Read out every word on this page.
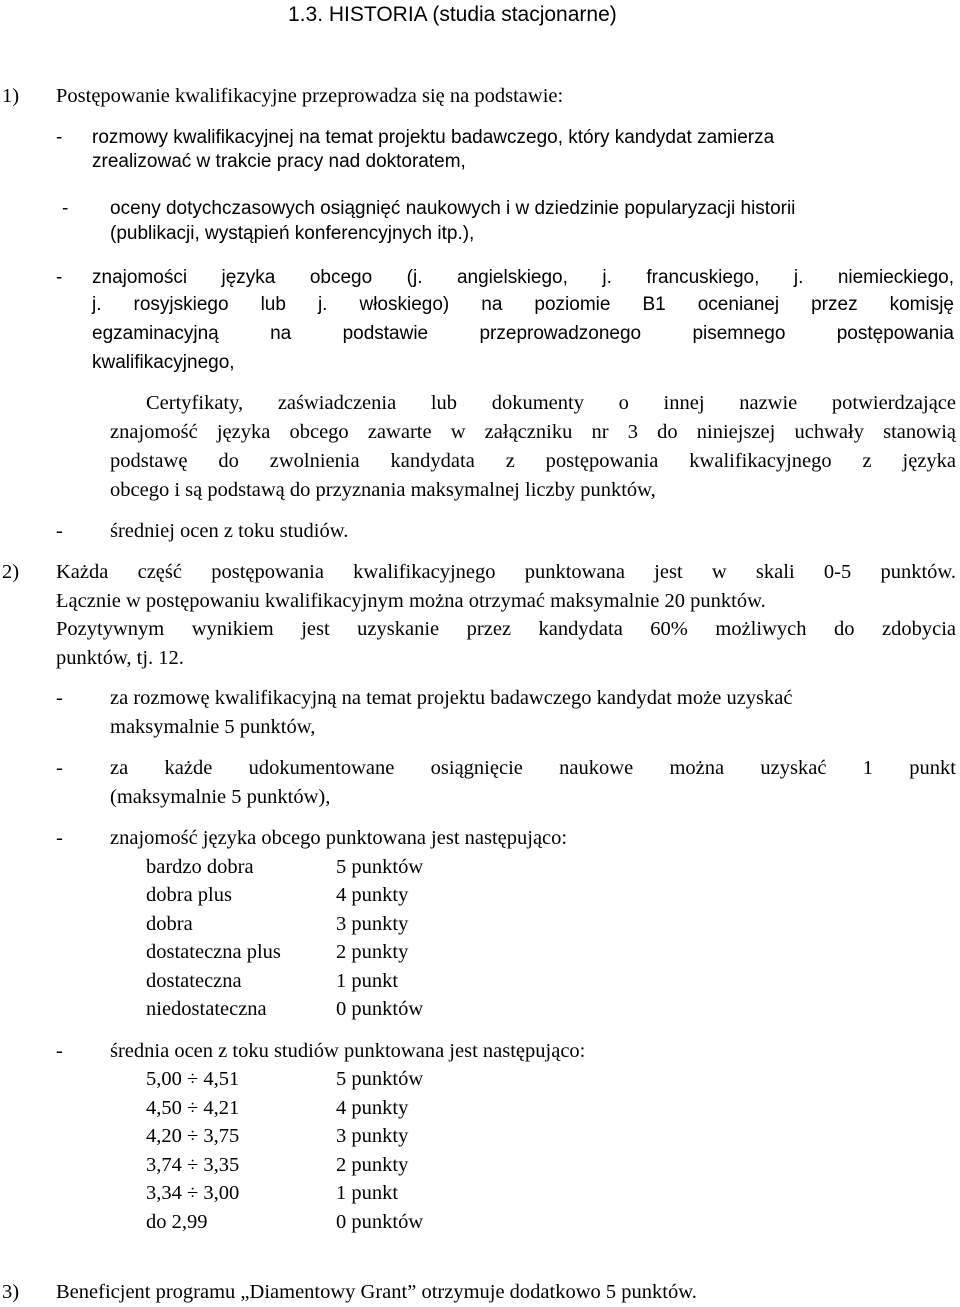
1.3. HISTORIA (studia stacjonarne)
1) Postępowanie kwalifikacyjne przeprowadza się na podstawie:
- rozmowy kwalifikacyjnej na temat projektu badawczego, który kandydat zamierza
zrealizować w trakcie pracy nad doktoratem,
- oceny dotychczasowych osiągnięć naukowych i w dziedzinie popularyzacji historii
(publikacji, wystąpień konferencyjnych itp.),
- znajomości języka obcego (j. angielskiego, j. francuskiego, j. niemieckiego,
j. rosyjskiego lub j. włoskiego) na poziomie B1 ocenianej przez komisję
egzaminacyjną na podstawie przeprowadzonego pisemnego postępowania
kwalifikacyjnego,
Certyfikaty, zaświadczenia lub dokumenty o innej nazwie potwierdzające
znajomość języka obcego zawarte w załączniku nr 3 do niniejszej uchwały stanowią
podstawę do zwolnienia kandydata z postępowania kwalifikacyjnego z języka
obcego i są podstawą do przyznania maksymalnej liczby punktów,
- średniej ocen z toku studiów.
2) Każda część postępowania kwalifikacyjnego punktowana jest w skali 0-5 punktów.
Łącznie w postępowaniu kwalifikacyjnym można otrzymać maksymalnie 20 punktów.
Pozytywnym wynikiem jest uzyskanie przez kandydata 60% możliwych do zdobycia
punktów, tj. 12.
- za rozmowę kwalifikacyjną na temat projektu badawczego kandydat może uzyskać
maksymalnie 5 punktów,
- za każde udokumentowane osiągnięcie naukowe można uzyskać 1 punkt
(maksymalnie 5 punktów),
- znajomość języka obcego punktowana jest następująco:
bardzo dobra	5 punktów
dobra plus	4 punkty
dobra	3 punkty
dostateczna plus	2 punkty
dostateczna	1 punkt
niedostateczna	0 punktów
- średnia ocen z toku studiów punktowana jest następująco:
5,00 ÷ 4,51	5 punktów
4,50 ÷ 4,21	4 punkty
4,20 ÷ 3,75	3 punkty
3,74 ÷ 3,35	2 punkty
3,34 ÷ 3,00	1 punkt
do 2,99	0 punktów
3) Beneficjent programu „Diamentowy Grant” otrzymuje dodatkowo 5 punktów.
